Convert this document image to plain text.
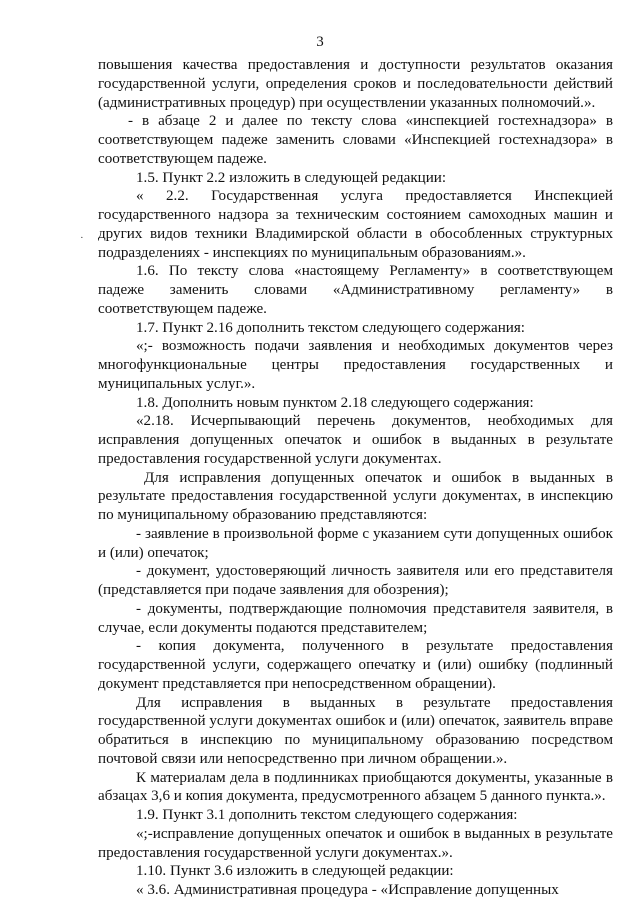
3
·

повышения качества предоставления и доступности результатов оказания государственной услуги, определения сроков и последовательности действий (административных процедур) при осуществлении указанных полномочий.».

- в абзаце 2 и далее по тексту слова «инспекцией гостехнадзора» в соответствующем падеже заменить словами «Инспекцией гостехнадзора» в соответствующем падеже.

1.5. Пункт 2.2 изложить в следующей редакции:

« 2.2. Государственная услуга предоставляется Инспекцией государственного надзора за техническим состоянием самоходных машин и других видов техники Владимирской области в обособленных структурных подразделениях - инспекциях по муниципальным образованиям.».

1.6. По тексту слова «настоящему Регламенту» в соответствующем падеже заменить словами «Административному регламенту» в соответствующем падеже.

1.7. Пункт 2.16 дополнить текстом следующего содержания:

«;- возможность подачи заявления и необходимых документов через многофункциональные центры предоставления государственных и муниципальных услуг.».

1.8. Дополнить новым пунктом 2.18 следующего содержания:

«2.18. Исчерпывающий перечень документов, необходимых для исправления допущенных опечаток и ошибок в выданных в результате предоставления государственной услуги документах.

Для исправления допущенных опечаток и ошибок в выданных в результате предоставления государственной услуги документах, в инспекцию по муниципальному образованию представляются:

- заявление в произвольной форме с указанием сути допущенных ошибок и (или) опечаток;

- документ, удостоверяющий личность заявителя или его представителя (представляется при подаче заявления для обозрения);

- документы, подтверждающие полномочия представителя заявителя, в случае, если документы подаются представителем;

- копия документа, полученного в результате предоставления государственной услуги, содержащего опечатку и (или) ошибку (подлинный документ представляется при непосредственном обращении).

Для исправления в выданных в результате предоставления государственной услуги документах ошибок и (или) опечаток, заявитель вправе обратиться в инспекцию по муниципальному образованию посредством почтовой связи или непосредственно при личном обращении.».

К материалам дела в подлинниках приобщаются документы, указанные в абзацах 3,6 и копия документа, предусмотренного абзацем 5 данного пункта.».

1.9. Пункт 3.1 дополнить текстом следующего содержания:

«;-исправление допущенных опечаток и ошибок в выданных в результате предоставления государственной услуги документах.».

1.10. Пункт 3.6 изложить в следующей редакции:

« 3.6. Административная процедура - «Исправление допущенных
